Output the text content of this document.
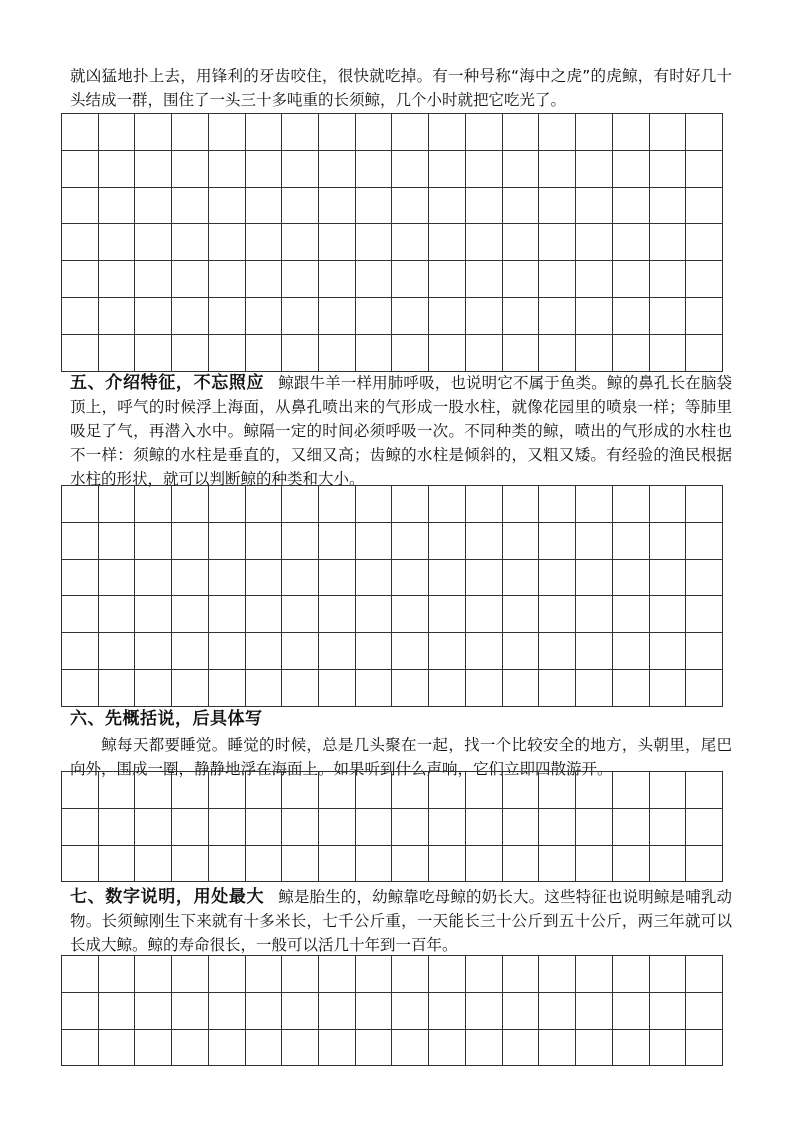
就凶猛地扑上去，用锋利的牙齿咬住，很快就吃掉。有一种号称“海中之虎”的虎鲸，有时好几十头结成一群，围住了一头三十多吨重的长须鲸，几个小时就把它吃光了。

五、介绍特征，不忘照应 鲸跟牛羊一样用肺呼吸，也说明它不属于鱼类。鲸的鼻孔长在脑袋顶上，呼气的时候浮上海面，从鼻孔喷出来的气形成一股水柱，就像花园里的喷泉一样；等肺里吸足了气，再潜入水中。鲸隔一定的时间必须呼吸一次。不同种类的鲸，喷出的气形成的水柱也不一样：须鲸的水柱是垂直的，又细又高；齿鲸的水柱是倾斜的，又粗又矮。有经验的渔民根据水柱的形状，就可以判断鲸的种类和大小。

六、先概括说，后具体写

鲸每天都要睡觉。睡觉的时候，总是几头聚在一起，找一个比较安全的地方，头朝里，尾巴向外，围成一圈，静静地浮在海面上。如果听到什么声响，它们立即四散游开。

七、数字说明，用处最大 鲸是胎生的，幼鲸靠吃母鲸的奶长大。这些特征也说明鲸是哺乳动物。长须鲸刚生下来就有十多米长，七千公斤重，一天能长三十公斤到五十公斤，两三年就可以长成大鲸。鲸的寿命很长，一般可以活几十年到一百年。
